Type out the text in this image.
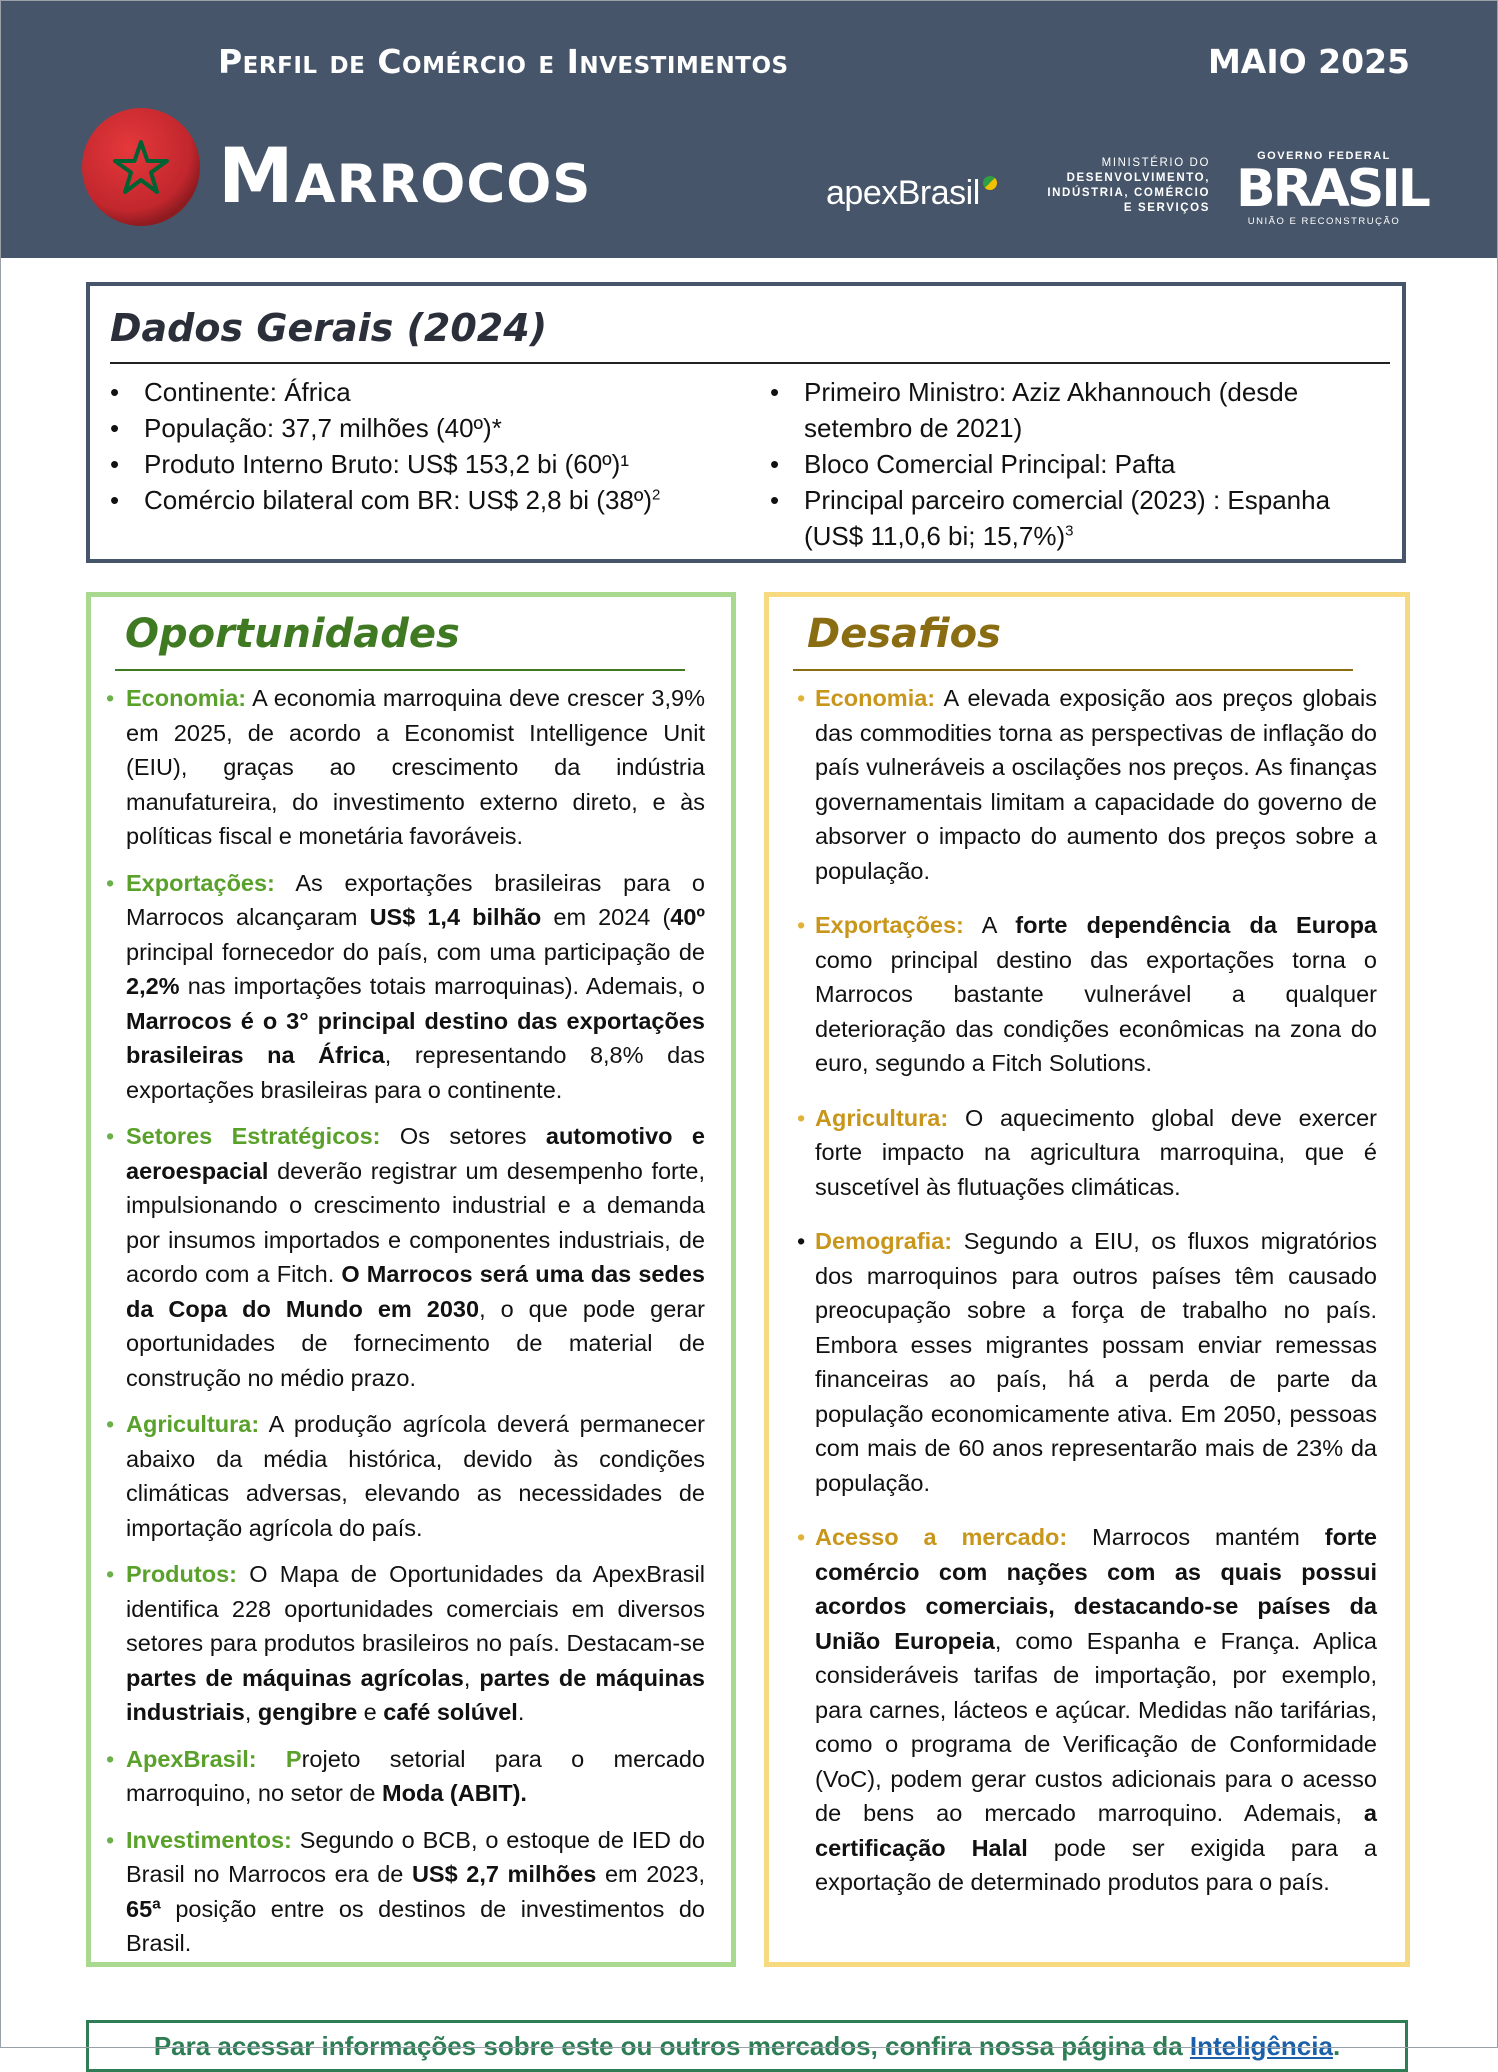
Perfil de Comércio e Investimentos	MAIO 2025
Marrocos	apexBrasil
MINISTÉRIO DO
DESENVOLVIMENTO,
INDÚSTRIA, COMÉRCIO
E SERVIÇOS
GOVERNO FEDERAL
BRASIL
UNIÃO E RECONSTRUÇÃO
Dados Gerais (2024)
• Continente: África
• População: 37,7 milhões (40º)*
• Produto Interno Bruto: US$ 153,2 bi (60º)¹
• Comércio bilateral com BR: US$ 2,8 bi (38º)$^2$
• Primeiro Ministro: Aziz Akhannouch (desde setembro de 2021)
• Bloco Comercial Principal: Pafta
• Principal parceiro comercial (2023) : Espanha (US$ 11,0,6 bi; 15,7%)$^3$
Oportunidades
• Economia: A economia marroquina deve crescer 3,9% em 2025, de acordo a Economist Intelligence Unit (EIU), graças ao crescimento da indústria manufatureira, do investimento externo direto, e às políticas fiscal e monetária favoráveis.
• Exportações: As exportações brasileiras para o Marrocos alcançaram US$ 1,4 bilhão em 2024 (40º principal fornecedor do país, com uma participação de 2,2% nas importações totais marroquinas). Ademais, o Marrocos é o 3° principal destino das exportações brasileiras na África, representando 8,8% das exportações brasileiras para o continente.
• Setores Estratégicos: Os setores automotivo e aeroespacial deverão registrar um desempenho forte, impulsionando o crescimento industrial e a demanda por insumos importados e componentes industriais, de acordo com a Fitch. O Marrocos será uma das sedes da Copa do Mundo em 2030, o que pode gerar oportunidades de fornecimento de material de construção no médio prazo.
• Agricultura: A produção agrícola deverá permanecer abaixo da média histórica, devido às condições climáticas adversas, elevando as necessidades de importação agrícola do país.
• Produtos: O Mapa de Oportunidades da ApexBrasil identifica 228 oportunidades comerciais em diversos setores para produtos brasileiros no país. Destacam-se partes de máquinas agrícolas, partes de máquinas industriais, gengibre e café solúvel.
• ApexBrasil: Projeto setorial para o mercado marroquino, no setor de Moda (ABIT).
• Investimentos: Segundo o BCB, o estoque de IED do Brasil no Marrocos era de US$ 2,7 milhões em 2023, 65ª posição entre os destinos de investimentos do Brasil.
Desafios
• Economia: A elevada exposição aos preços globais das commodities torna as perspectivas de inflação do país vulneráveis a oscilações nos preços. As finanças governamentais limitam a capacidade do governo de absorver o impacto do aumento dos preços sobre a população.
• Exportações: A forte dependência da Europa como principal destino das exportações torna o Marrocos bastante vulnerável a qualquer deterioração das condições econômicas na zona do euro, segundo a Fitch Solutions.
• Agricultura: O aquecimento global deve exercer forte impacto na agricultura marroquina, que é suscetível às flutuações climáticas.
• Demografia: Segundo a EIU, os fluxos migratórios dos marroquinos para outros países têm causado preocupação sobre a força de trabalho no país. Embora esses migrantes possam enviar remessas financeiras ao país, há a perda de parte da população economicamente ativa. Em 2050, pessoas com mais de 60 anos representarão mais de 23% da população.
• Acesso a mercado: Marrocos mantém forte comércio com nações com as quais possui acordos comerciais, destacando-se países da União Europeia, como Espanha e França. Aplica consideráveis tarifas de importação, por exemplo, para carnes, lácteos e açúcar. Medidas não tarifárias, como o programa de Verificação de Conformidade (VoC), podem gerar custos adicionais para o acesso de bens ao mercado marroquino. Ademais, a certificação Halal pode ser exigida para a exportação de determinado produtos para o país.
Para acessar informações sobre este ou outros mercados, confira nossa página da Inteligência.
